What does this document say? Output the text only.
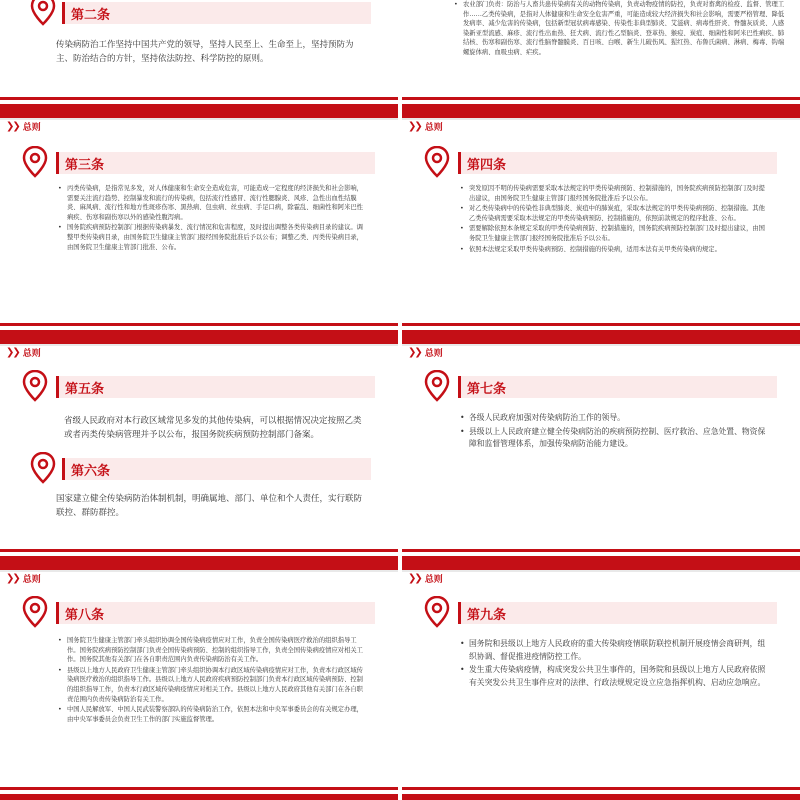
第二条
传染病防治工作坚持中国共产党的领导，坚持人民至上、生命至上，坚持预防为主、防治结合的方针，坚持依法防控、科学防控的原则。
• 农业部门负责：防治与人畜共患传染病有关的动物传染病，负责动物疫情的防控，负责对畜禽的检疫、监督、管理工作……乙类传染病，是指对人体健康和生命安全危害严重，可能造成较大经济损失和社会影响，需要严格管理、降低发病率、减少危害的传染病，包括新型冠状病毒感染、传染性非典型肺炎、艾滋病、病毒性肝炎、脊髓灰质炎、人感染新亚型流感、麻疹、流行性出血热、狂犬病、流行性乙型脑炎、登革热、猴痘、炭疽、细菌性和阿米巴性痢疾、肺结核、伤寒和副伤寒、流行性脑脊髓膜炎、百日咳、白喉、新生儿破伤风、猩红热、布鲁氏菌病、淋病、梅毒、钩端螺旋体病、血吸虫病、疟疾。
❯❯ 总则
第三条
• 丙类传染病，是指常见多发，对人体健康和生命安全造成危害，可能造成一定程度的经济损失和社会影响，需要关注流行趋势、控制暴发和流行的传染病，包括流行性感冒、流行性腮腺炎、风疹、急性出血性结膜炎、麻风病、流行性和地方性斑疹伤寒、黑热病、包虫病、丝虫病、手足口病，除霍乱、细菌性和阿米巴性痢疾、伤寒和副伤寒以外的感染性腹泻病。
• 国务院疾病预防控制部门根据传染病暴发、流行情况和危害程度，及时提出调整各类传染病目录的建议。调整甲类传染病目录，由国务院卫生健康主管部门报经国务院批准后予以公布；调整乙类、丙类传染病目录，由国务院卫生健康主管部门批准、公布。
❯❯ 总则
第四条
• 突发原因不明的传染病需要采取本法规定的甲类传染病预防、控制措施的，国务院疾病预防控制部门及时提出建议，由国务院卫生健康主管部门报经国务院批准后予以公布。
• 对乙类传染病中的传染性非典型肺炎、炭疽中的肺炭疽，采取本法规定的甲类传染病预防、控制措施。其他乙类传染病需要采取本法规定的甲类传染病预防、控制措施的，依照前款规定的程序批准、公布。
• 需要解除依照本条规定采取的甲类传染病预防、控制措施的，国务院疾病预防控制部门及时提出建议，由国务院卫生健康主管部门报经国务院批准后予以公布。
• 依照本法规定采取甲类传染病预防、控制措施的传染病，适用本法有关甲类传染病的规定。
❯❯ 总则
第五条
省级人民政府对本行政区域常见多发的其他传染病，可以根据情况决定按照乙类或者丙类传染病管理并予以公布，报国务院疾病预防控制部门备案。
第六条
国家建立健全传染病防治体制机制，明确属地、部门、单位和个人责任，实行联防联控、群防群控。
❯❯ 总则
第七条
• 各级人民政府加强对传染病防治工作的领导。
• 县级以上人民政府建立健全传染病防治的疾病预防控制、医疗救治、应急处置、物资保障和监督管理体系，加强传染病防治能力建设。
❯❯ 总则
第八条
• 国务院卫生健康主管部门牵头组织协调全国传染病疫情应对工作，负责全国传染病医疗救治的组织指导工作。国务院疾病预防控制部门负责全国传染病预防、控制的组织指导工作，负责全国传染病疫情应对相关工作。国务院其他有关部门在各自职责范围内负责传染病防治有关工作。
• 县级以上地方人民政府卫生健康主管部门牵头组织协调本行政区域传染病疫情应对工作，负责本行政区域传染病医疗救治的组织指导工作。县级以上地方人民政府疾病预防控制部门负责本行政区域传染病预防、控制的组织指导工作，负责本行政区域传染病疫情应对相关工作。县级以上地方人民政府其他有关部门在各自职责范围内负责传染病防治有关工作。
• 中国人民解放军、中国人民武装警察部队的传染病防治工作，依照本法和中央军事委员会的有关规定办理，由中央军事委员会负责卫生工作的部门实施监督管理。
❯❯ 总则
第九条
• 国务院和县级以上地方人民政府的重大传染病疫情联防联控机制开展疫情会商研判，组织协调、督促推进疫情防控工作。
• 发生重大传染病疫情，构成突发公共卫生事件的，国务院和县级以上地方人民政府依照有关突发公共卫生事件应对的法律、行政法规规定设立应急指挥机构、启动应急响应。
